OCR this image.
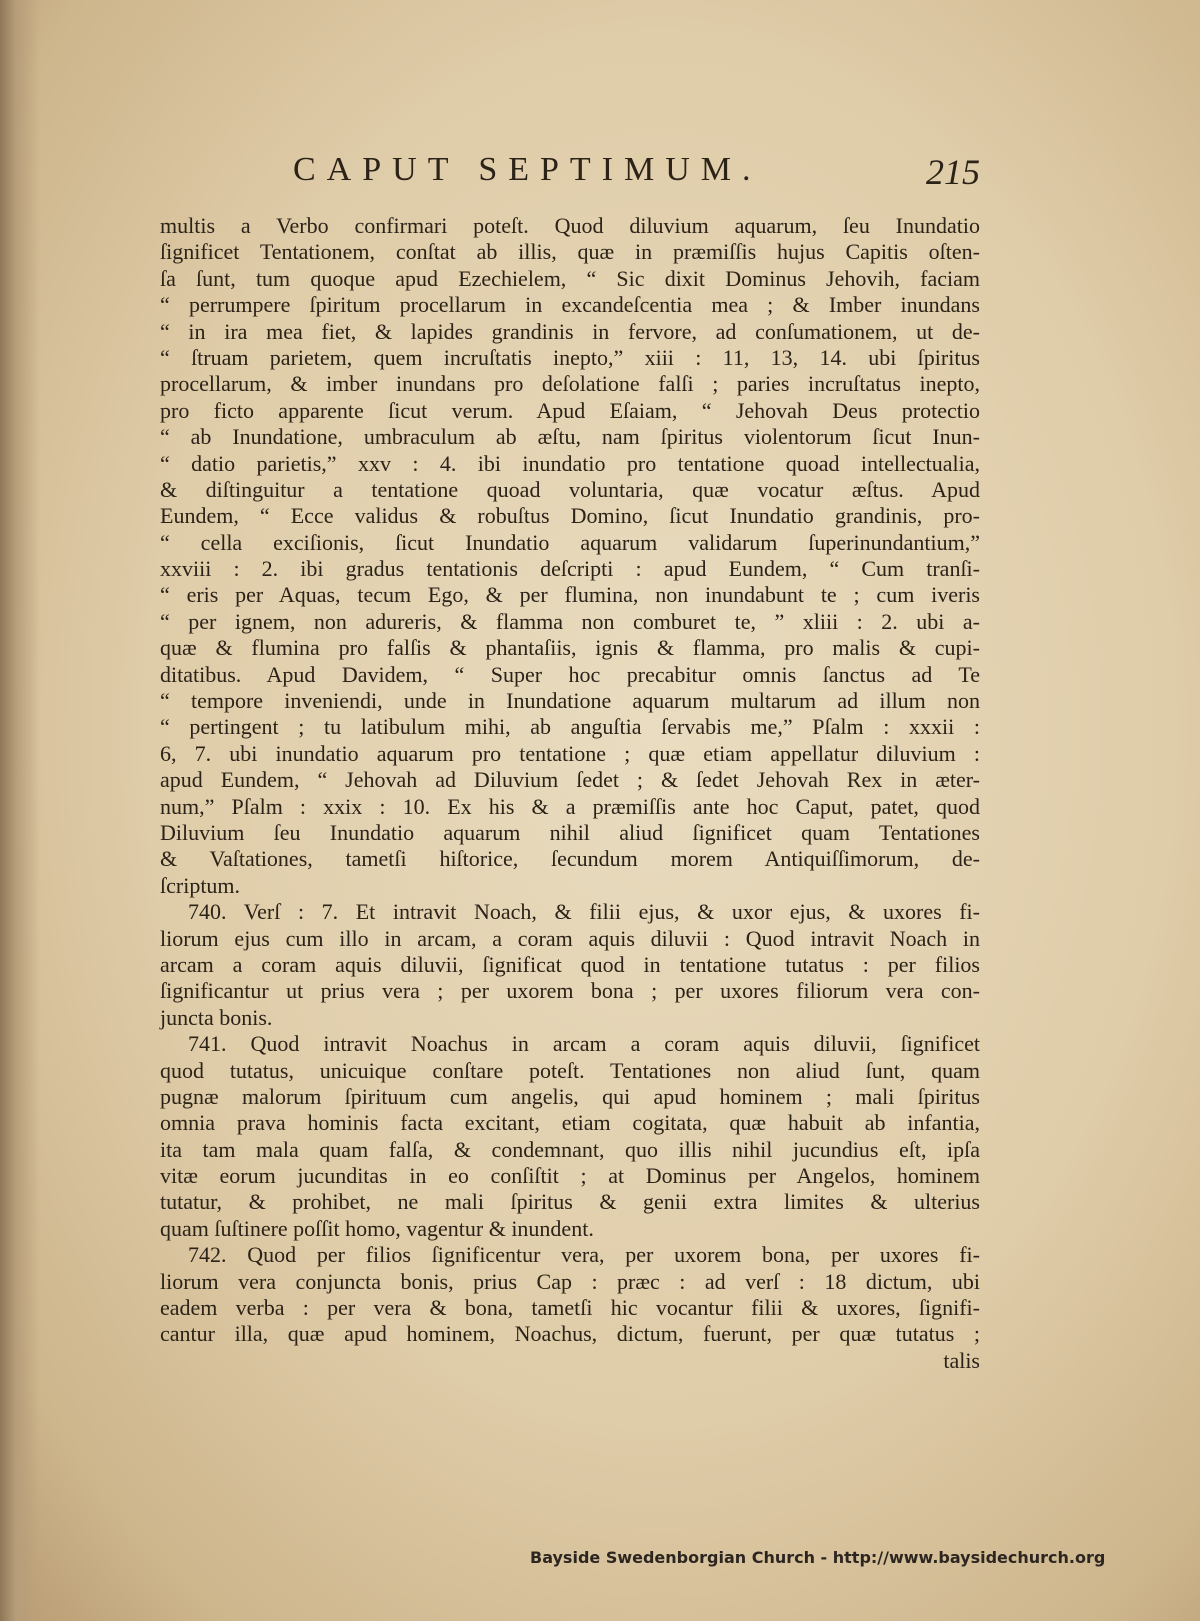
CAPUT SEPTIMUM.	215
multis a Verbo confirmari poteſt. Quod diluvium aquarum, ſeu Inundatio
ſignificet Tentationem, conſtat ab illis, quæ in præmiſſis hujus Capitis oſten-
ſa ſunt, tum quoque apud Ezechielem, “ Sic dixit Dominus Jehovih, faciam
“ perrumpere ſpiritum procellarum in excandeſcentia mea ; & Imber inundans
“ in ira mea fiet, & lapides grandinis in fervore, ad conſumationem, ut de-
“ ſtruam parietem, quem incruſtatis inepto,” xiii : 11, 13, 14. ubi ſpiritus
procellarum, & imber inundans pro deſolatione falſi ; paries incruſtatus inepto,
pro ficto apparente ſicut verum. Apud Eſaiam, “ Jehovah Deus protectio
“ ab Inundatione, umbraculum ab æſtu, nam ſpiritus violentorum ſicut Inun-
“ datio parietis,” xxv : 4. ibi inundatio pro tentatione quoad intellectualia,
& diſtinguitur a tentatione quoad voluntaria, quæ vocatur æſtus. Apud
Eundem, “ Ecce validus & robuſtus Domino, ſicut Inundatio grandinis, pro-
“ cella exciſionis, ſicut Inundatio aquarum validarum ſuperinundantium,”
xxviii : 2. ibi gradus tentationis deſcripti : apud Eundem, “ Cum tranſi-
“ eris per Aquas, tecum Ego, & per flumina, non inundabunt te ; cum iveris
“ per ignem, non adureris, & flamma non comburet te, ” xliii : 2. ubi a-
quæ & flumina pro falſis & phantaſiis, ignis & flamma, pro malis & cupi-
ditatibus. Apud Davidem, “ Super hoc precabitur omnis ſanctus ad Te
“ tempore inveniendi, unde in Inundatione aquarum multarum ad illum non
“ pertingent ; tu latibulum mihi, ab anguſtia ſervabis me,” Pſalm : xxxii :
6, 7. ubi inundatio aquarum pro tentatione ; quæ etiam appellatur diluvium :
apud Eundem, “ Jehovah ad Diluvium ſedet ; & ſedet Jehovah Rex in æter-
num,” Pſalm : xxix : 10. Ex his & a præmiſſis ante hoc Caput, patet, quod
Diluvium ſeu Inundatio aquarum nihil aliud ſignificet quam Tentationes
& Vaſtationes, tametſi hiſtorice, ſecundum morem Antiquiſſimorum, de-
ſcriptum.
740. Verſ : 7. Et intravit Noach, & filii ejus, & uxor ejus, & uxores fi-
liorum ejus cum illo in arcam, a coram aquis diluvii : Quod intravit Noach in
arcam a coram aquis diluvii, ſignificat quod in tentatione tutatus : per filios
ſignificantur ut prius vera ; per uxorem bona ; per uxores filiorum vera con-
juncta bonis.
741. Quod intravit Noachus in arcam a coram aquis diluvii, ſignificet
quod tutatus, unicuique conſtare poteſt. Tentationes non aliud ſunt, quam
pugnæ malorum ſpirituum cum angelis, qui apud hominem ; mali ſpiritus
omnia prava hominis facta excitant, etiam cogitata, quæ habuit ab infantia,
ita tam mala quam falſa, & condemnant, quo illis nihil jucundius eſt, ipſa
vitæ eorum jucunditas in eo conſiſtit ; at Dominus per Angelos, hominem
tutatur, & prohibet, ne mali ſpiritus & genii extra limites & ulterius
quam ſuſtinere poſſit homo, vagentur & inundent.
742. Quod per filios ſignificentur vera, per uxorem bona, per uxores fi-
liorum vera conjuncta bonis, prius Cap : præc : ad verſ : 18 dictum, ubi
eadem verba : per vera & bona, tametſi hic vocantur filii & uxores, ſignifi-
cantur illa, quæ apud hominem, Noachus, dictum, fuerunt, per quæ tutatus ;
talis
Bayside Swedenborgian Church - http://www.baysidechurch.org
